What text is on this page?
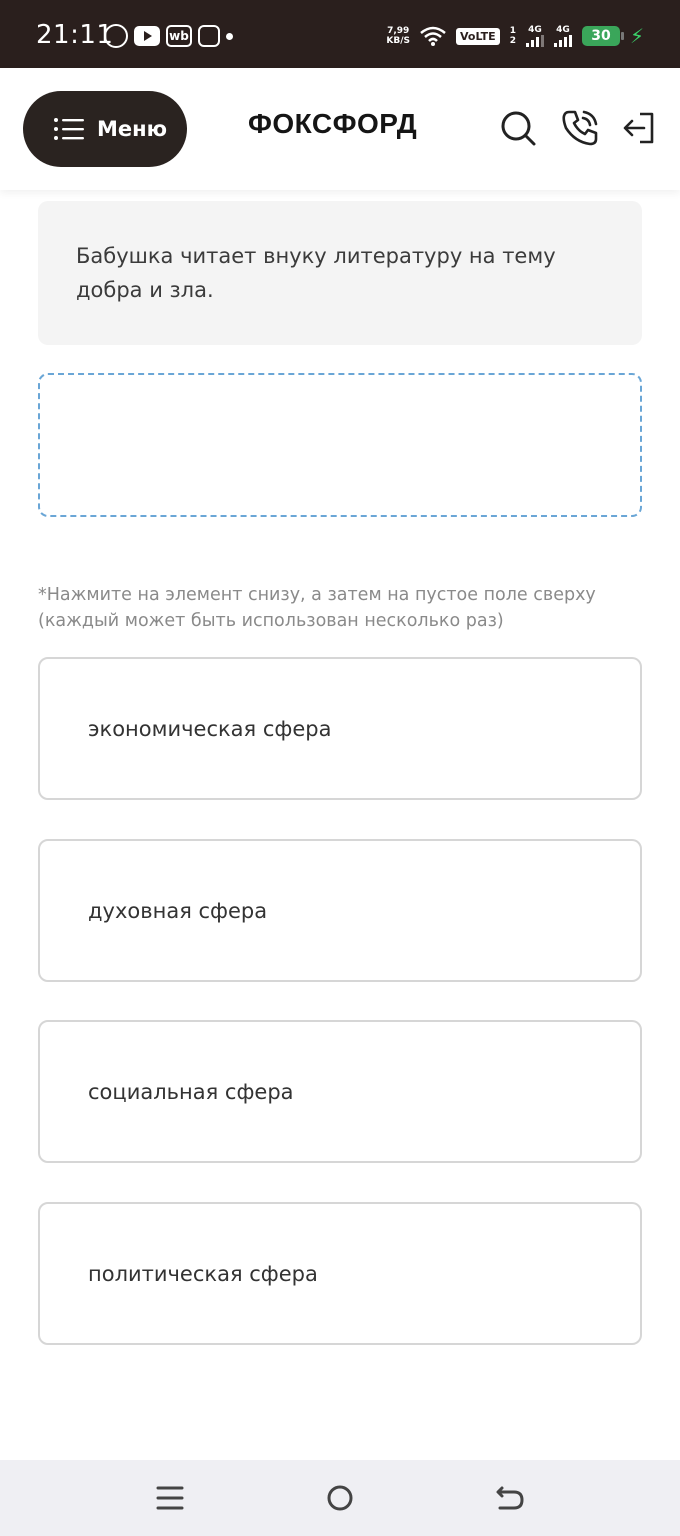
21:11	wb	7,99
KB/S	VoLTE	1
2
4G 4G 30 ⚡
Меню	ФОКСФОРД

Бабушка читает внуку литературу на тему добра и зла.

*Нажмите на элемент снизу, а затем на пустое поле сверху (каждый может быть использован несколько раз)

экономическая сфера
духовная сфера
социальная сфера
политическая сфера
